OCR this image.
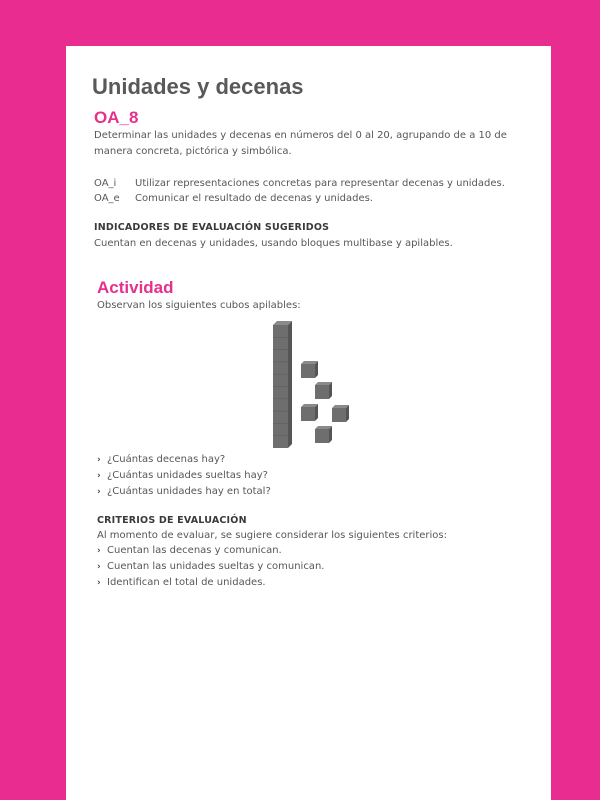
Unidades y decenas
OA_8
Determinar las unidades y decenas en números del 0 al 20, agrupando de a 10 de manera concreta, pictórica y simbólica.
OA_i	Utilizar representaciones concretas para representar decenas y unidades.
OA_e	Comunicar el resultado de decenas y unidades.
INDICADORES DE EVALUACIÓN SUGERIDOS
Cuentan en decenas y unidades, usando bloques multibase y apilables.
Actividad
Observan los siguientes cubos apilables:
› ¿Cuántas decenas hay?
› ¿Cuántas unidades sueltas hay?
› ¿Cuántas unidades hay en total?
CRITERIOS DE EVALUACIÓN
Al momento de evaluar, se sugiere considerar los siguientes criterios:
› Cuentan las decenas y comunican.
› Cuentan las unidades sueltas y comunican.
› Identifican el total de unidades.
